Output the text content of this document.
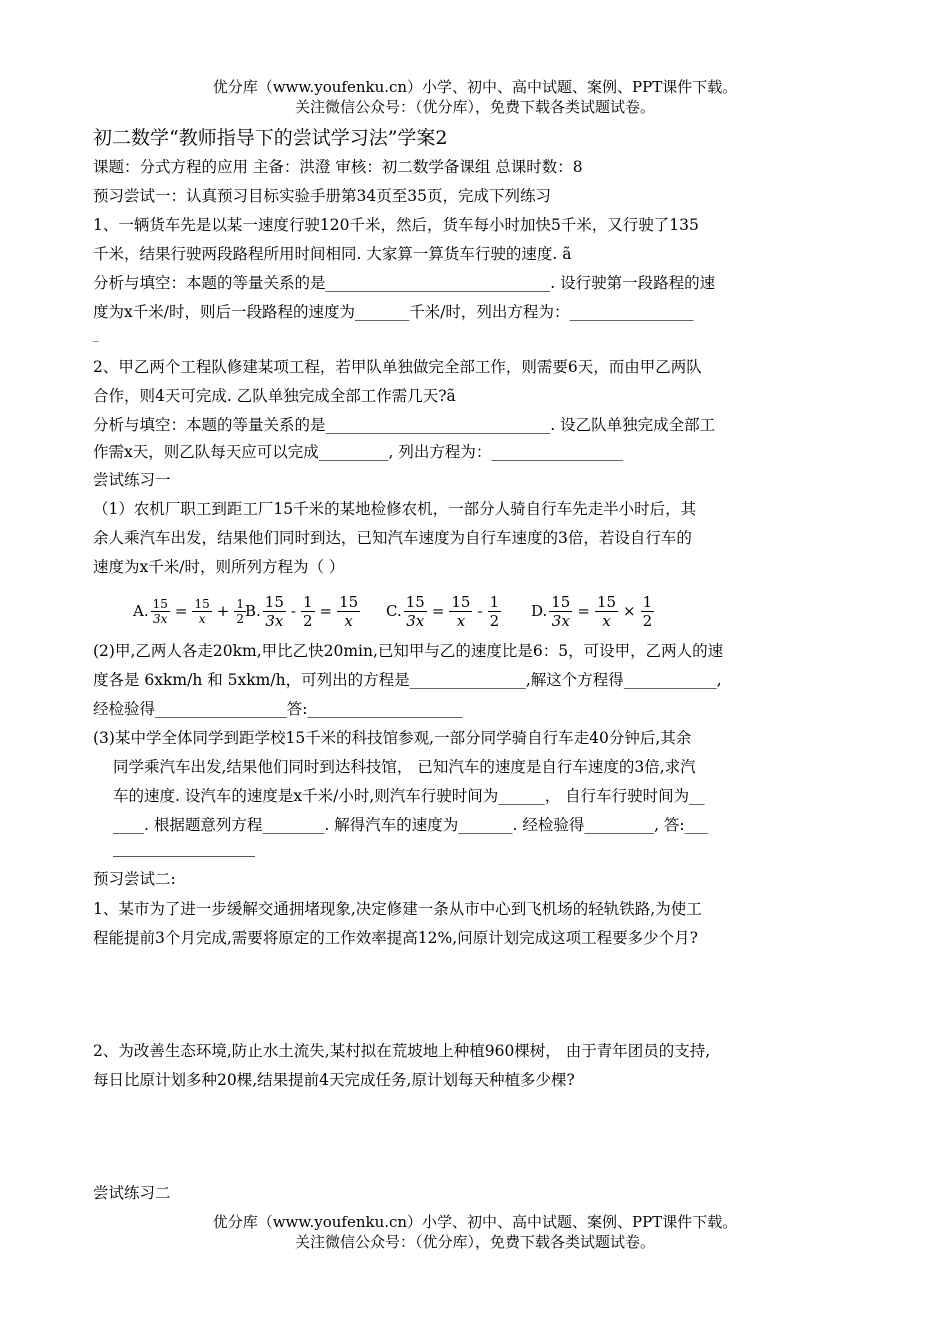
优分库（www.youfenku.cn）小学、初中、高中试题、案例、PPT课件下载。
关注微信公众号：（优分库），免费下载各类试题试卷。
初二数学“教师指导下的尝试学习法”学案2
课题：分式方程的应用 主备：洪澄 审核：初二数学备课组 总课时数：8
预习尝试一：认真预习目标实验手册第34页至35页，完成下列练习
1、一辆货车先是以某一速度行驶120千米，然后，货车每小时加快5千米，又行驶了135
千米，结果行驶两段路程所用时间相同. 大家算一算货车行驶的速度. ã
分析与填空：本题的等量关系的是_____________________________. 设行驶第一段路程的速
度为x千米/时，则后一段路程的速度为_______千米/时，列出方程为：________________
_
2、甲乙两个工程队修建某项工程，若甲队单独做完全部工作，则需要6天，而由甲乙两队
合作，则4天可完成. 乙队单独完成全部工作需几天?ã
分析与填空：本题的等量关系的是_____________________________. 设乙队单独完成全部工
作需x天，则乙队每天应可以完成_________, 列出方程为：_________________
尝试练习一
（1）农机厂职工到距工厂15千米的某地检修农机，一部分人骑自行车先走半小时后，其
余人乘汽车出发，结果他们同时到达，已知汽车速度为自行车速度的3倍，若设自行车的
速度为x千米/时，则所列方程为（ ）
A. $\frac{15}{3x} = \frac{15}{x} + \frac{1}{2} B$. $\frac{15}{3x} - \frac{1}{2} = \frac{15}{x} C$. $\frac{15}{3x} = \frac{15}{x} - \frac{1}{2} D$. $\frac{15}{3x} = \frac{15}{x} \times \frac{1}{2}$
(2)甲,乙两人各走20km,甲比乙快20min,已知甲与乙的速度比是6：5，可设甲，乙两人的速
度各是 6xkm/h 和 5xkm/h，可列出的方程是_______________,解这个方程得____________,
经检验得_________________答:____________________
(3)某中学全体同学到距学校15千米的科技馆参观,一部分同学骑自行车走40分钟后,其余
同学乘汽车出发,结果他们同时到达科技馆， 已知汽车的速度是自行车速度的3倍,求汽
车的速度. 设汽车的速度是x千米/小时,则汽车行驶时间为______， 自行车行驶时间为__
____. 根据题意列方程________. 解得汽车的速度为_______. 经检验得_________, 答:___
预习尝试二:
1、某市为了进一步缓解交通拥堵现象,决定修建一条从市中心到飞机场的轻轨铁路,为使工
程能提前3个月完成,需要将原定的工作效率提高12%,问原计划完成这项工程要多少个月?
2、为改善生态环境,防止水土流失,某村拟在荒坡地上种植960棵树， 由于青年团员的支持,
每日比原计划多种20棵,结果提前4天完成任务,原计划每天种植多少棵?
尝试练习二
优分库（www.youfenku.cn）小学、初中、高中试题、案例、PPT课件下载。
关注微信公众号：（优分库），免费下载各类试题试卷。
